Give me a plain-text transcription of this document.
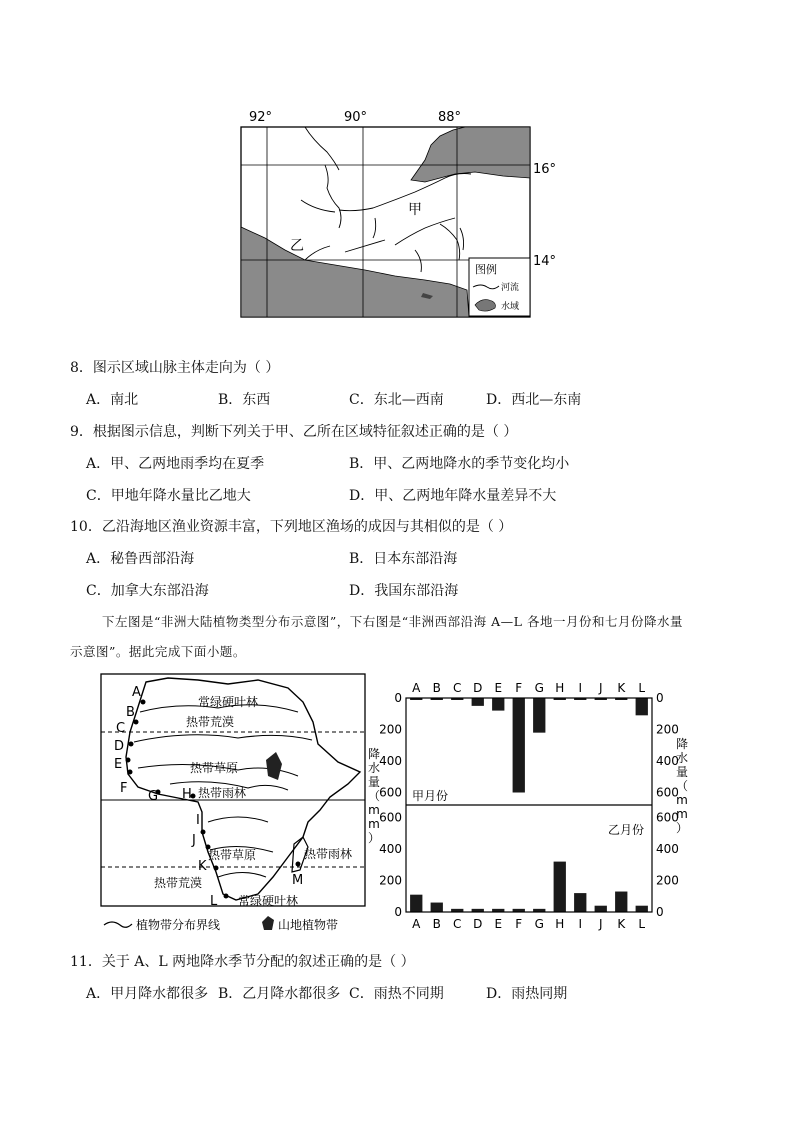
92°	90°	88°
16°
14°
甲
乙
图例
河流
水域
8．图示区域山脉主体走向为（ ）
A．南北	B．东西	C．东北—西南	D．西北—东南
9．根据图示信息，判断下列关于甲、乙所在区域特征叙述正确的是（ ）
A．甲、乙两地雨季均在夏季	B．甲、乙两地降水的季节变化均小
C．甲地年降水量比乙地大	D．甲、乙两地年降水量差异不大
10．乙沿海地区渔业资源丰富，下列地区渔场的成因与其相似的是（ ）
A．秘鲁西部沿海	B．日本东部沿海
C．加拿大东部沿海	D．我国东部沿海
下左图是“非洲大陆植物类型分布示意图”，下右图是“非洲西部沿海 A—L 各地一月份和七月份降水量
示意图”。据此完成下面小题。
A
B
C
D
E
F
G H
I
J
K
L
M
常绿硬叶林
热带荒漠
热带草原
热带雨林
热带草原	热带雨林
热带荒漠
常绿硬叶林
植物带分布界线	山地植物带
A B C D E F G H I J K L
A B C D E F G H I J K L
0	0
200	200
400	400
600	600
600	600
400	400
200	200
0	0
甲月份
乙月份
降水量（ m m ）
降水量（ m m ）
11．关于 A、L 两地降水季节分配的叙述正确的是（ ）
A．甲月降水都很多 B．乙月降水都很多 C．雨热不同期	D．雨热同期
